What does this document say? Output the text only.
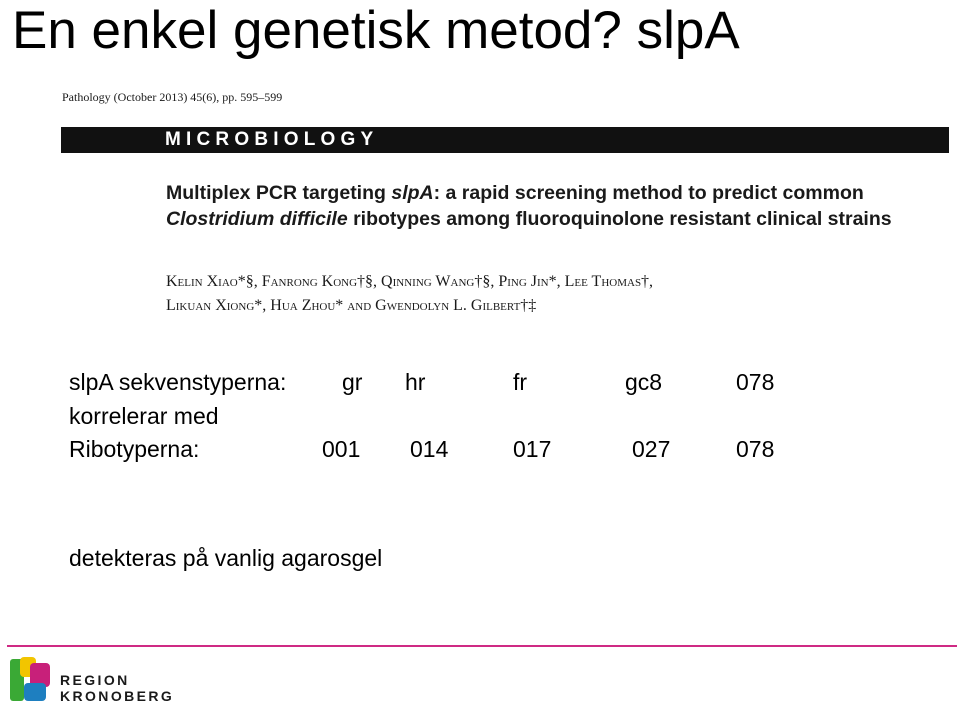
En enkel genetisk metod? slpA
Pathology (October 2013) 45(6), pp. 595–599
MICROBIOLOGY
Multiplex PCR targeting slpA: a rapid screening method to predict common Clostridium difficile ribotypes among fluoroquinolone resistant clinical strains
Kelin Xiao*§, Fanrong Kong†§, Qinning Wang†§, Ping Jin*, Lee Thomas†,
Likuan Xiong*, Hua Zhou* and Gwendolyn L. Gilbert†‡
slpA sekvenstyperna: gr hr	fr	gc8	078
korrelerar med
Ribotyperna:	001 014	017	027	078
detekteras på vanlig agarosgel
REGION
KRONOBERG
